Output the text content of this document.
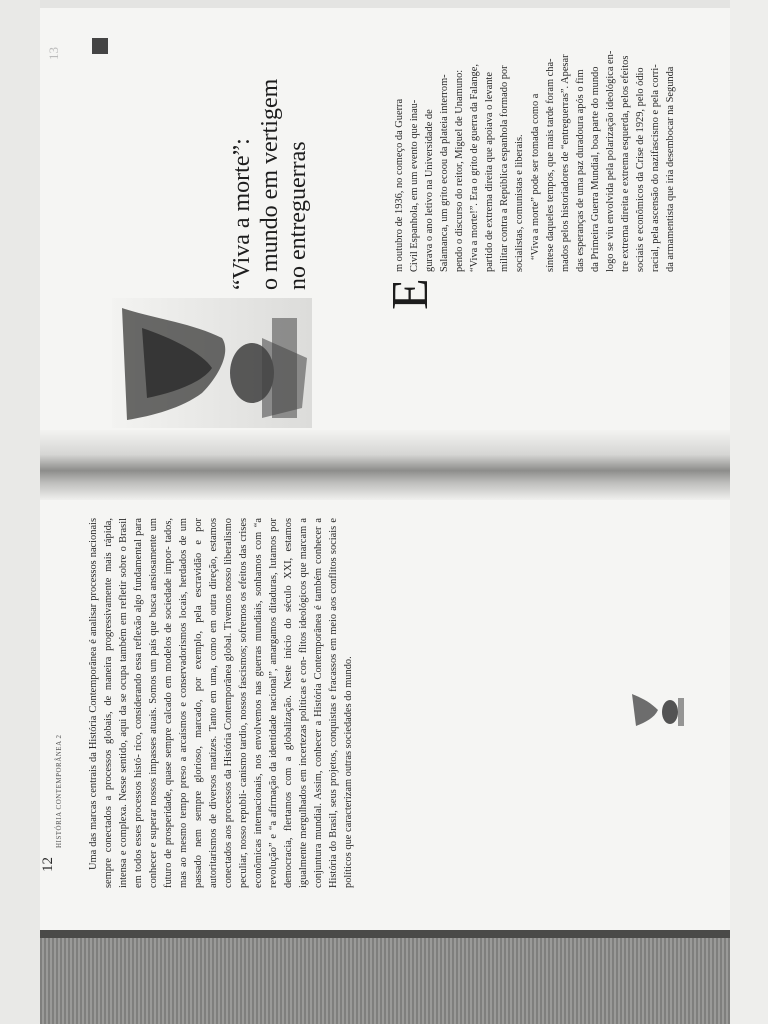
13
“Viva a morte”: o mundo em vertigem no entreguerras
E
m outubro de 1936, no começo da Guerra Civil Espanhola, em um evento que inau- gurava o ano letivo na Universidade de Salamanca, um grito ecoou da plateia interrom- pendo o discurso do reitor, Miguel de Unamuno: “Viva a morte!”. Era o grito de guerra da Falange, partido de extrema direita que apoiava o levante militar contra a República espanhola formado por socialistas, comunistas e liberais. “Viva a morte” pode ser tomada como a síntese daqueles tempos, que mais tarde foram cha- mados pelos historiadores de “entreguerras”. Apesar das esperanças de uma paz duradoura após o fim da Primeira Guerra Mundial, boa parte do mundo logo se viu envolvida pela polarização ideológica en- tre extrema direita e extrema esquerda, pelos efeitos sociais e econômicos da Crise de 1929, pelo ódio racial, pela ascensão do nazifascismo e pela corri- da armamentista que iria desembocar na Segunda
12
HISTÓRIA CONTEMPORÂNEA 2 Uma das marcas centrais da História Contemporânea é analisar processos nacionais sempre conectados a processos globais, de maneira progressivamente mais rápida, intensa e complexa. Nesse sentido, aqui da se ocupa também em refletir sobre o Brasil em todos esses processos histó- rico, considerando essa reflexão algo fundamental para conhecer e superar nossos impasses atuais. Somos um país que busca ansiosamente um futuro de prosperidade, quase sempre calcado em modelos de sociedade impor- tados, mas ao mesmo tempo preso a arcaísmos e conservadorismos locais, herdados de um passado nem sempre glorioso, marcado, por exemplo, pela escravidão e por autoritarismos de diversos matizes. Tanto em uma, como em outra direção, estamos conectados aos processos da História Contemporânea global. Tivemos nosso liberalismo peculiar, nosso republi- canismo tardio, nossos fascismos; sofremos os efeitos das crises econômicas internacionais, nos envolvemos nas guerras mundiais, sonhamos com “a revolução” e “a afirmação da identidade nacional”, amargamos ditaduras, lutamos por democracia, flertamos com a globalização. Neste início do século XXI, estamos igualmente mergulhados em incertezas políticas e con- flitos ideológicos que marcam a conjuntura mundial. Assim, conhecer a História Contemporânea é também conhecer a História do Brasil, seus projetos, conquistas e fracassos em meio aos conflitos sociais e políticos que caracterizam outras sociedades do mundo.
